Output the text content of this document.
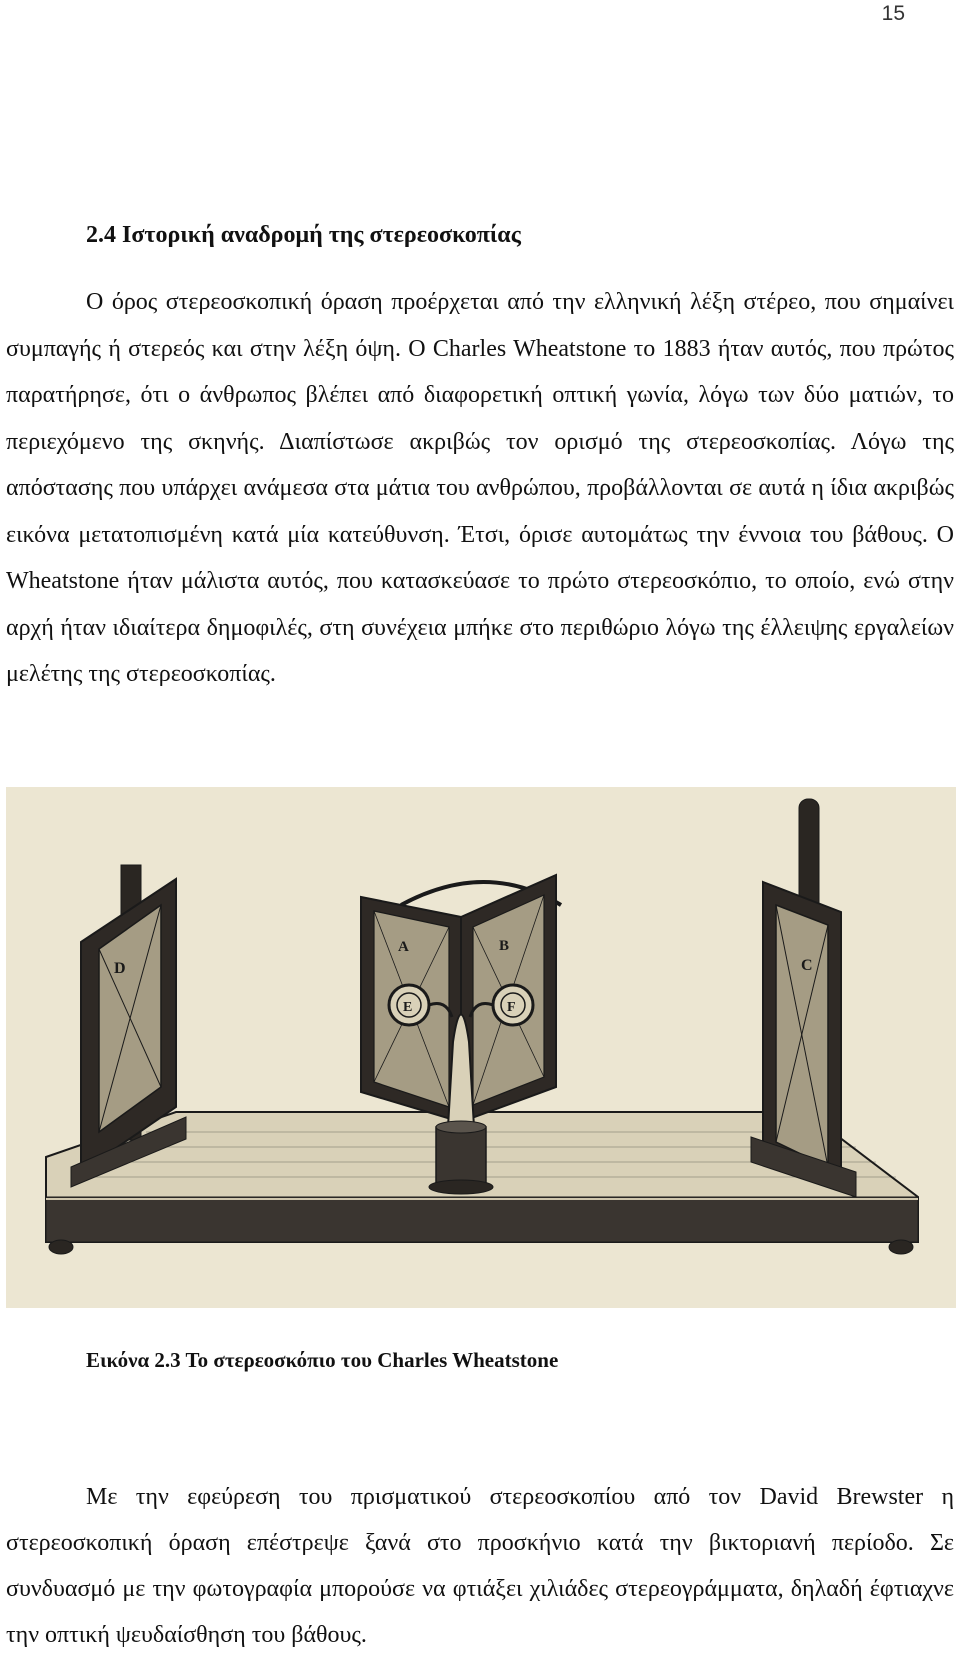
15
2.4 Ιστορική αναδρομή της στερεοσκοπίας

Ο όρος στερεοσκοπική όραση προέρχεται από την ελληνική λέξη στέρεο, που σημαίνει συμπαγής ή στερεός και στην λέξη όψη. Ο Charles Wheatstone το 1883 ήταν αυτός, που πρώτος παρατήρησε, ότι ο άνθρωπος βλέπει από διαφορετική οπτική γωνία, λόγω των δύο ματιών, το περιεχόμενο της σκηνής. Διαπίστωσε ακριβώς τον ορισμό της στερεοσκοπίας. Λόγω της απόστασης που υπάρχει ανάμεσα στα μάτια του ανθρώπου, προβάλλονται σε αυτά η ίδια ακριβώς εικόνα μετατοπισμένη κατά μία κατεύθυνση. Έτσι, όρισε αυτομάτως την έννοια του βάθους. Ο Wheatstone ήταν μάλιστα αυτός, που κατασκεύασε το πρώτο στερεοσκόπιο, το οποίο, ενώ στην αρχή ήταν ιδιαίτερα δημοφιλές, στη συνέχεια μπήκε στο περιθώριο λόγω της έλλειψης εργαλείων μελέτης της στερεοσκοπίας.

D	C
A	B
E	F

Εικόνα 2.3 Το στερεοσκόπιο του Charles Wheatstone

Με την εφεύρεση του πρισματικού στερεοσκοπίου από τον David Brewster η στερεοσκοπική όραση επέστρεψε ξανά στο προσκήνιο κατά την βικτοριανή περίοδο. Σε συνδυασμό με την φωτογραφία μπορούσε να φτιάξει χιλιάδες στερεογράμματα, δηλαδή έφτιαχνε την οπτική ψευδαίσθηση του βάθους.
